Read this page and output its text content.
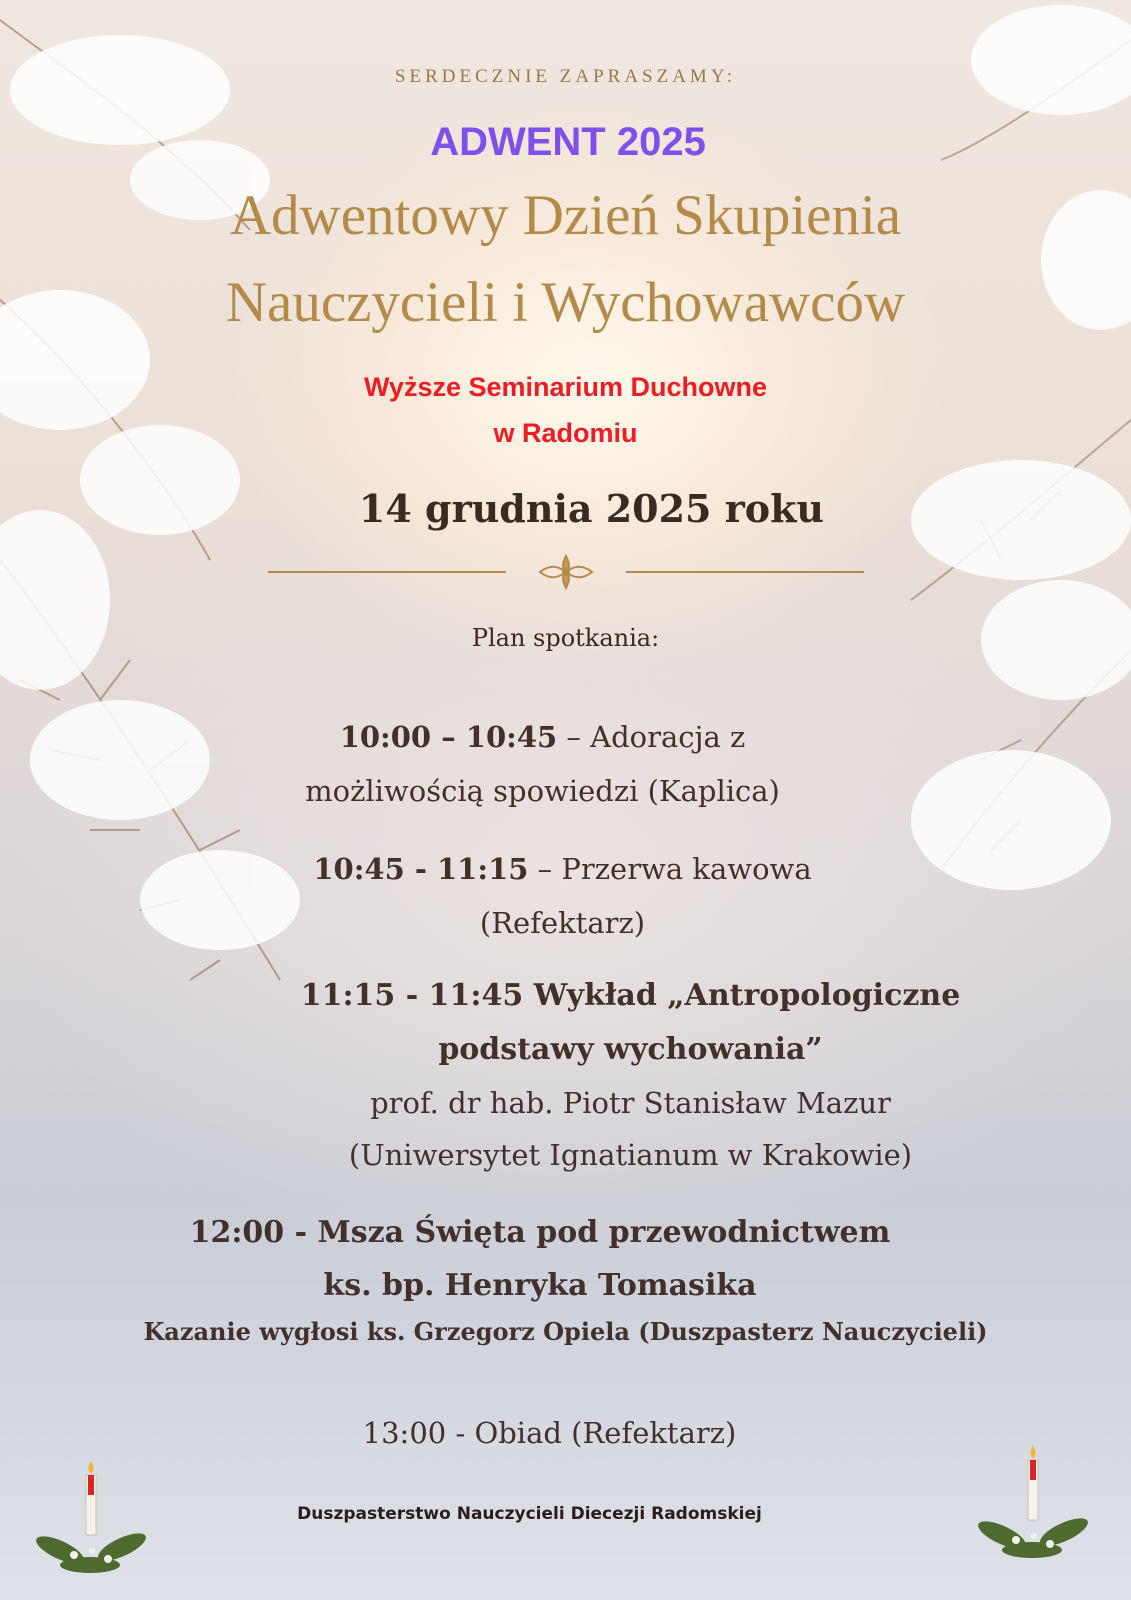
SERDECZNIE ZAPRASZAMY:

ADWENT 2025

Adwentowy Dzień Skupienia

Nauczycieli i Wychowawców

Wyższe Seminarium Duchowne

w Radomiu

14 grudnia 2025 roku

Plan spotkania:

10:00 – 10:45 – Adoracja z

możliwością spowiedzi (Kaplica)

10:45 - 11:15 – Przerwa kawowa

(Refektarz)

11:15 - 11:45 Wykład „Antropologiczne

podstawy wychowania”

prof. dr hab. Piotr Stanisław Mazur

(Uniwersytet Ignatianum w Krakowie)

12:00 - Msza Święta pod przewodnictwem

ks. bp. Henryka Tomasika

Kazanie wygłosi ks. Grzegorz Opiela (Duszpasterz Nauczycieli)

13:00 - Obiad (Refektarz)

Duszpasterstwo Nauczycieli Diecezji Radomskiej
